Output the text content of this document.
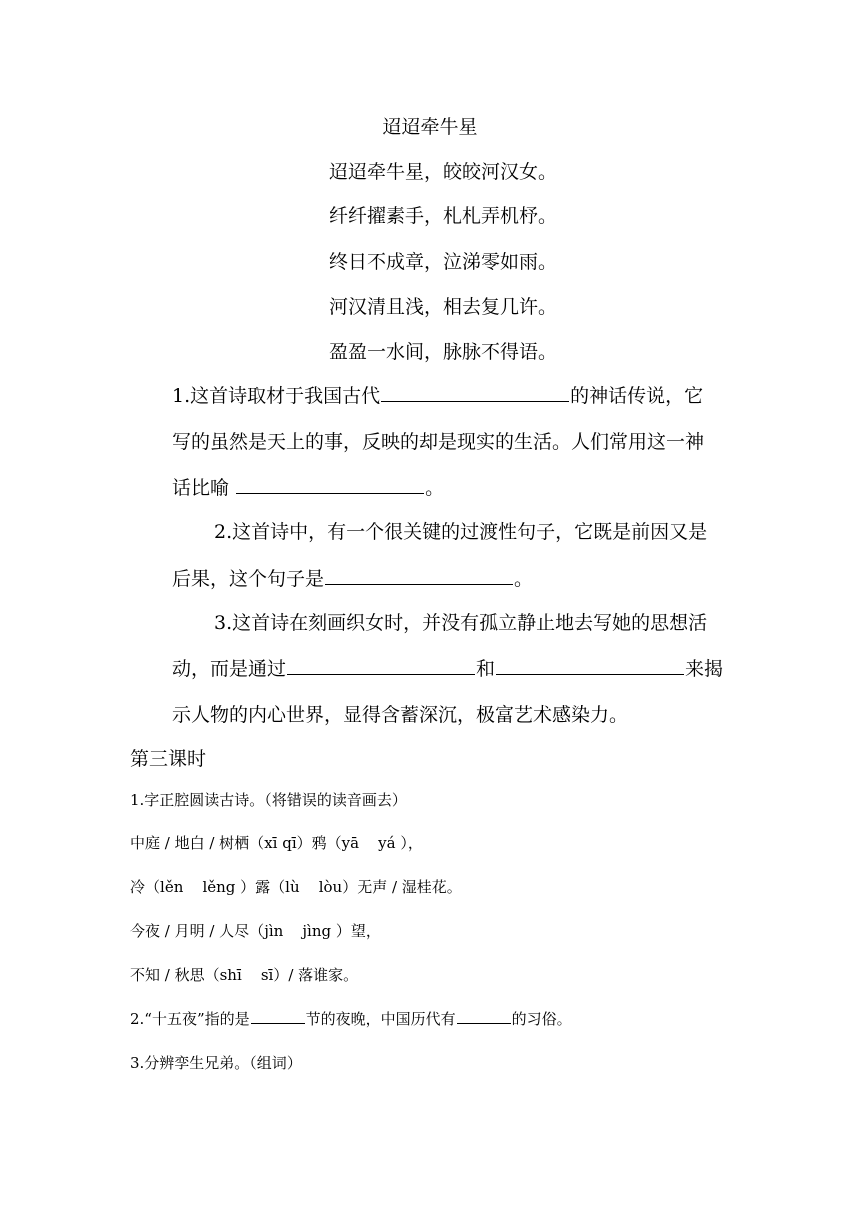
迢迢牵牛星
迢迢牵牛星，皎皎河汉女。
纤纤擢素手，札札弄机杼。
终日不成章，泣涕零如雨。
河汉清且浅，相去复几许。
盈盈一水间，脉脉不得语。
1.这首诗取材于我国古代	的神话传说，它
写的虽然是天上的事，反映的却是现实的生活。人们常用这一神
话比喻	。
2.这首诗中，有一个很关键的过渡性句子，它既是前因又是
后果，这个句子是	。
3.这首诗在刻画织女时，并没有孤立静止地去写她的思想活
动，而是通过	和	来揭
示人物的内心世界，显得含蓄深沉，极富艺术感染力。
第三课时
1.字正腔圆读古诗。（将错误的读音画去）
中庭 / 地白 / 树栖（xī qī）鸦（yā yá ），
冷（lěn lěng ）露（lù lòu）无声 / 湿桂花。
今夜 / 月明 / 人尽（jìn jìng ）望，
不知 / 秋思（shī sī）/ 落谁家。
2.“十五夜”指的是	节的夜晚，中国历代有	的习俗。
3.分辨孪生兄弟。（组词）
